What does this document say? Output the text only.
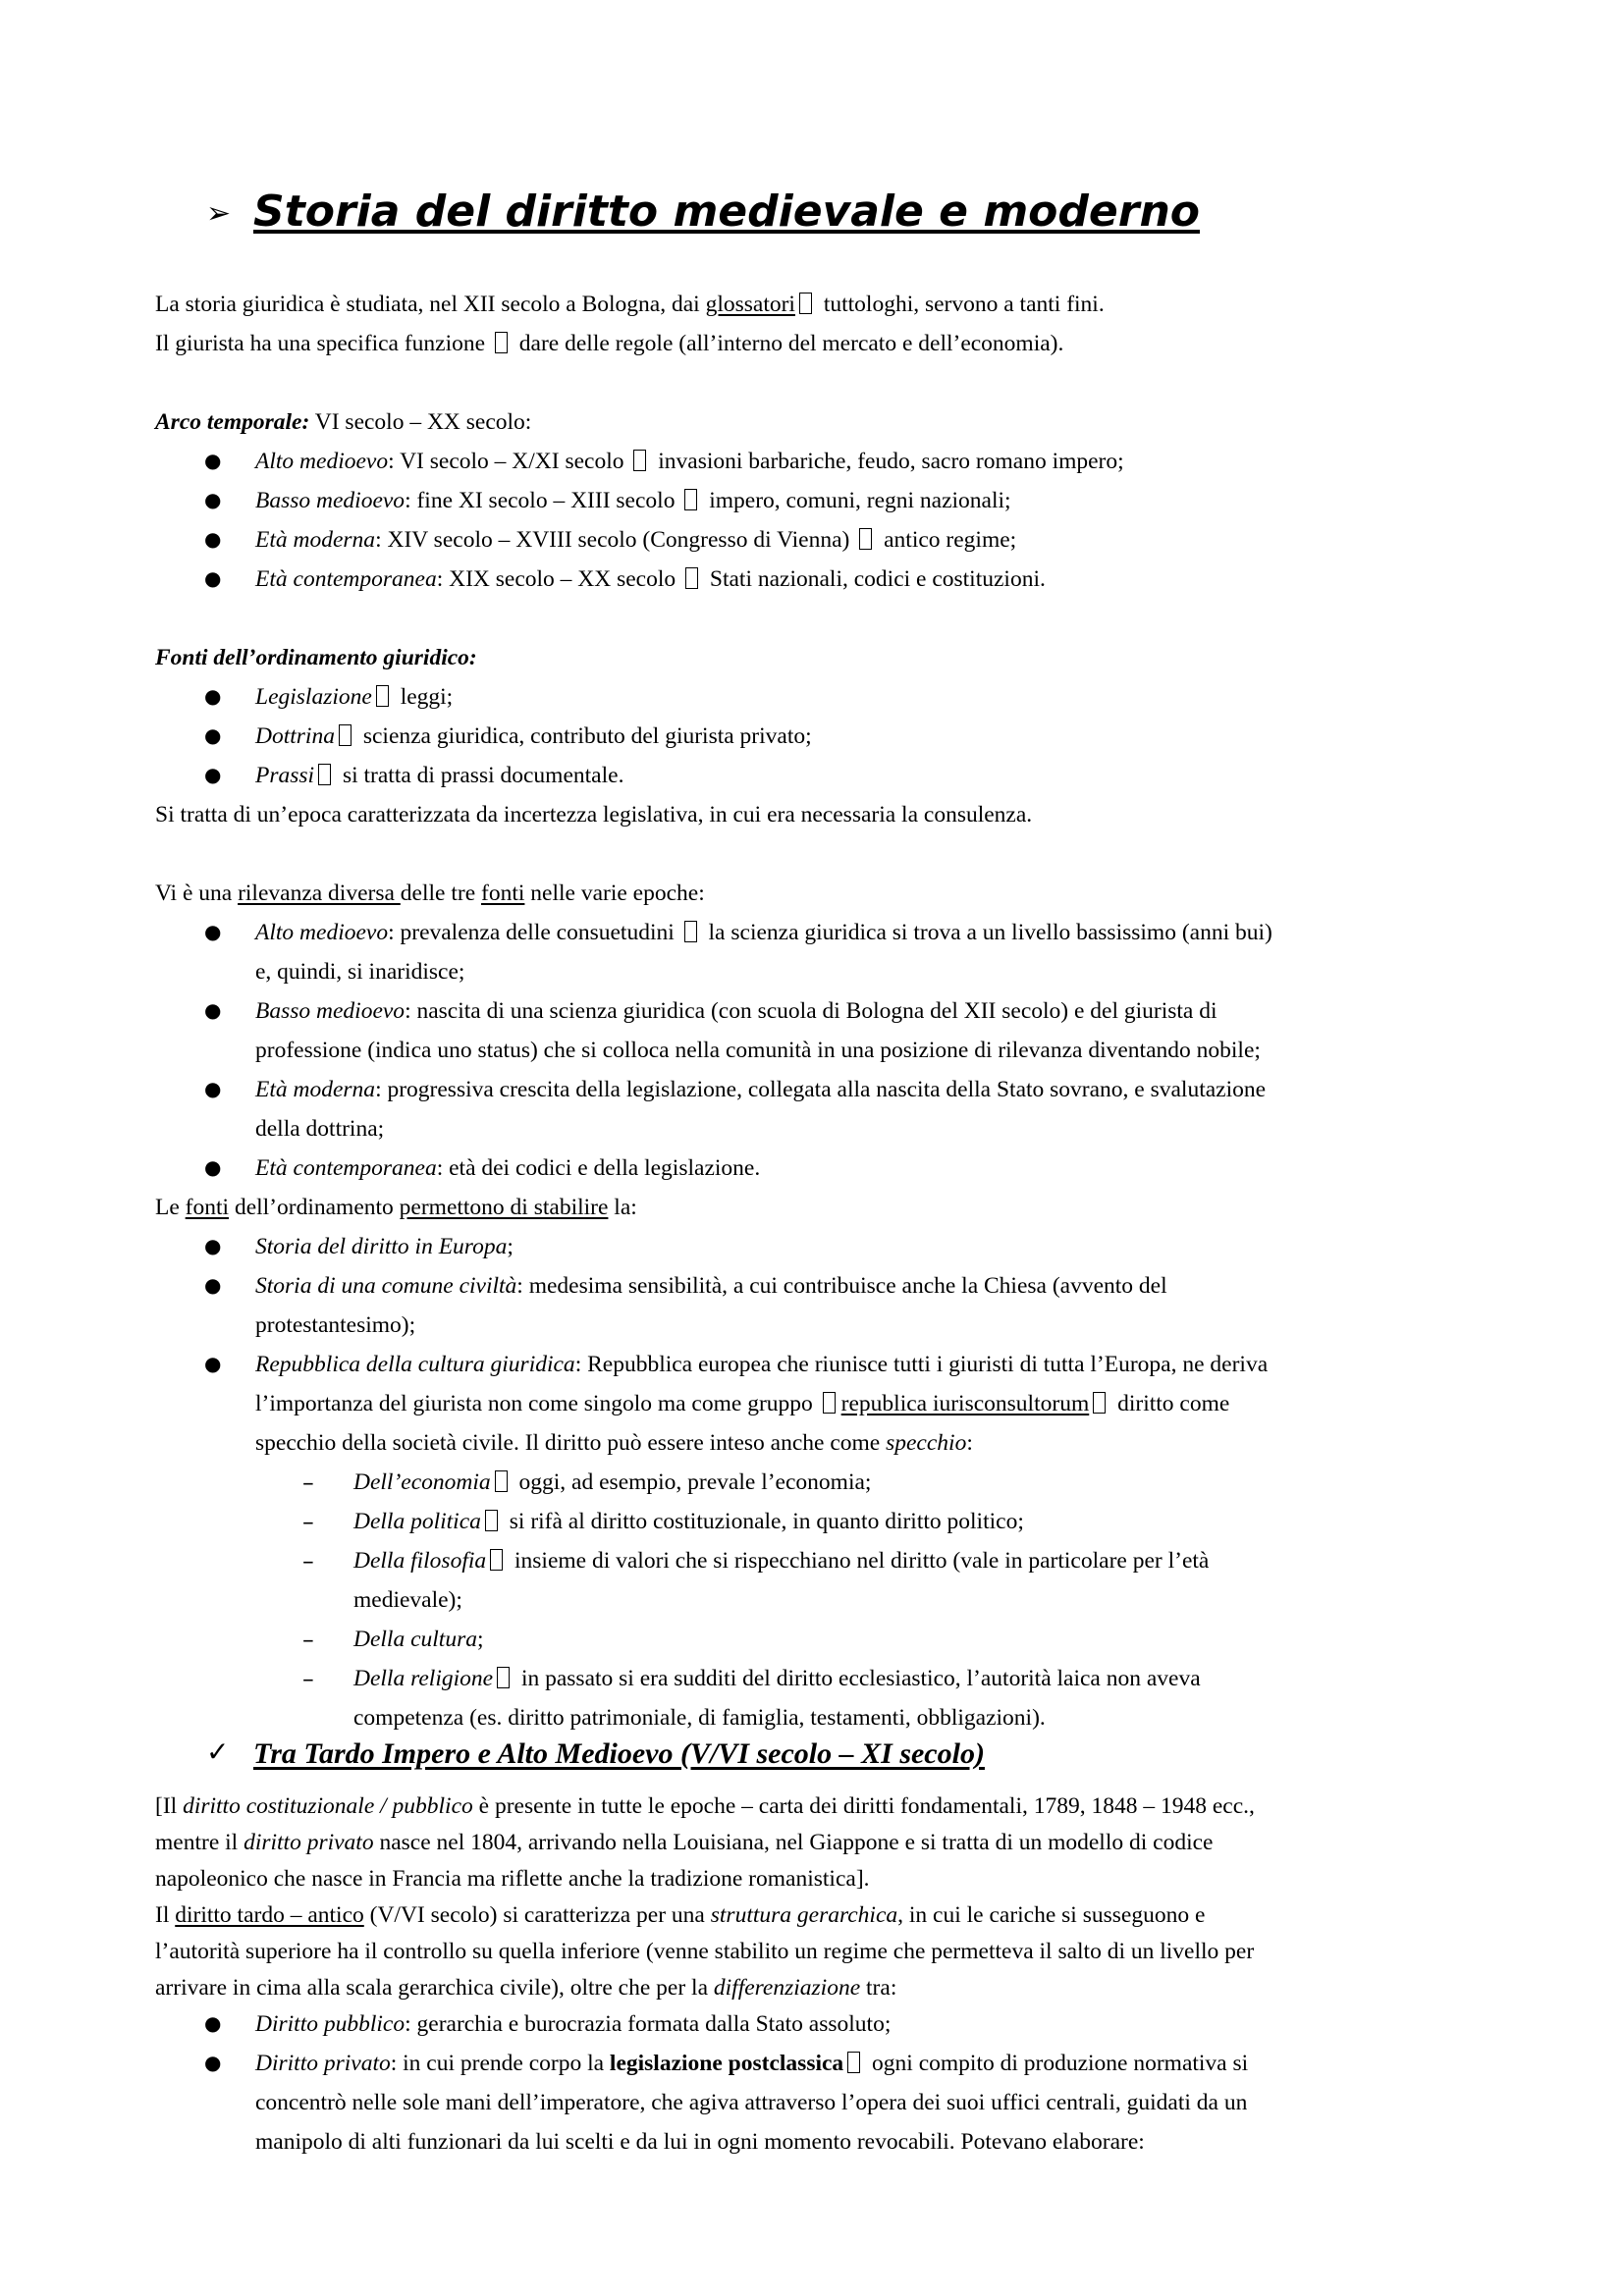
➢ Storia del diritto medievale e moderno
La storia giuridica è studiata, nel XII secolo a Bologna, dai glossatori tuttologhi, servono a tanti fini.
Il giurista ha una specifica funzione  dare delle regole (all’interno del mercato e dell’economia).
Arco temporale: VI secolo – XX secolo:
● Alto medioevo: VI secolo – X/XI secolo  invasioni barbariche, feudo, sacro romano impero;
● Basso medioevo: fine XI secolo – XIII secolo  impero, comuni, regni nazionali;
● Età moderna: XIV secolo – XVIII secolo (Congresso di Vienna)  antico regime;
● Età contemporanea: XIX secolo – XX secolo  Stati nazionali, codici e costituzioni.
Fonti dell’ordinamento giuridico:
● Legislazione leggi;
● Dottrina scienza giuridica, contributo del giurista privato;
● Prassi si tratta di prassi documentale.
Si tratta di un’epoca caratterizzata da incertezza legislativa, in cui era necessaria la consulenza.
Vi è una rilevanza diversa delle tre fonti nelle varie epoche:
● Alto medioevo: prevalenza delle consuetudini  la scienza giuridica si trova a un livello bassissimo (anni bui)
e, quindi, si inaridisce;
● Basso medioevo: nascita di una scienza giuridica (con scuola di Bologna del XII secolo) e del giurista di
professione (indica uno status) che si colloca nella comunità in una posizione di rilevanza diventando nobile;
● Età moderna: progressiva crescita della legislazione, collegata alla nascita della Stato sovrano, e svalutazione
della dottrina;
● Età contemporanea: età dei codici e della legislazione.
Le fonti dell’ordinamento permettono di stabilire la:
● Storia del diritto in Europa;
● Storia di una comune civiltà: medesima sensibilità, a cui contribuisce anche la Chiesa (avvento del
protestantesimo);
● Repubblica della cultura giuridica: Repubblica europea che riunisce tutti i giuristi di tutta l’Europa, ne deriva
l’importanza del giurista non come singolo ma come gruppo republica iurisconsultorum diritto come
specchio della società civile. Il diritto può essere inteso anche come specchio:
– Dell’economia oggi, ad esempio, prevale l’economia;
– Della politica si rifà al diritto costituzionale, in quanto diritto politico;
– Della filosofia insieme di valori che si rispecchiano nel diritto (vale in particolare per l’età
medievale);
– Della cultura;
– Della religione in passato si era sudditi del diritto ecclesiastico, l’autorità laica non aveva
competenza (es. diritto patrimoniale, di famiglia, testamenti, obbligazioni).
✓ Tra Tardo Impero e Alto Medioevo (V/VI secolo – XI secolo)
[Il diritto costituzionale / pubblico è presente in tutte le epoche – carta dei diritti fondamentali, 1789, 1848 – 1948 ecc.,
mentre il diritto privato nasce nel 1804, arrivando nella Louisiana, nel Giappone e si tratta di un modello di codice
napoleonico che nasce in Francia ma riflette anche la tradizione romanistica].
Il diritto tardo – antico (V/VI secolo) si caratterizza per una struttura gerarchica, in cui le cariche si susseguono e
l’autorità superiore ha il controllo su quella inferiore (venne stabilito un regime che permetteva il salto di un livello per
arrivare in cima alla scala gerarchica civile), oltre che per la differenziazione tra:
● Diritto pubblico: gerarchia e burocrazia formata dalla Stato assoluto;
● Diritto privato: in cui prende corpo la legislazione postclassica ogni compito di produzione normativa si
concentrò nelle sole mani dell’imperatore, che agiva attraverso l’opera dei suoi uffici centrali, guidati da un
manipolo di alti funzionari da lui scelti e da lui in ogni momento revocabili. Potevano elaborare:
